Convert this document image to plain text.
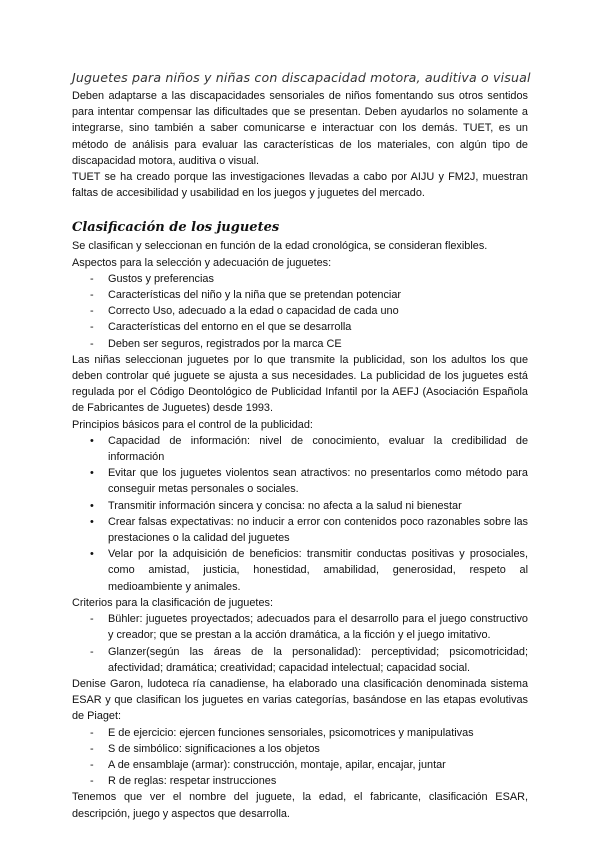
Juguetes para niños y niñas con discapacidad motora, auditiva o visual

Deben adaptarse a las discapacidades sensoriales de niños fomentando sus otros sentidos para intentar compensar las dificultades que se presentan. Deben ayudarlos no solamente a integrarse, sino también a saber comunicarse e interactuar con los demás. TUET, es un método de análisis para evaluar las características de los materiales, con algún tipo de discapacidad motora, auditiva o visual.

TUET se ha creado porque las investigaciones llevadas a cabo por AIJU y FM2J, muestran faltas de accesibilidad y usabilidad en los juegos y juguetes del mercado.

Clasificación de los juguetes

Se clasifican y seleccionan en función de la edad cronológica, se consideran flexibles.

Aspectos para la selección y adecuación de juguetes:

- Gustos y preferencias
- Características del niño y la niña que se pretendan potenciar
- Correcto Uso, adecuado a la edad o capacidad de cada uno
- Características del entorno en el que se desarrolla
- Deben ser seguros, registrados por la marca CE

Las niñas seleccionan juguetes por lo que transmite la publicidad, son los adultos los que deben controlar qué juguete se ajusta a sus necesidades. La publicidad de los juguetes está regulada por el Código Deontológico de Publicidad Infantil por la AEFJ (Asociación Española de Fabricantes de Juguetes) desde 1993.

Principios básicos para el control de la publicidad:

• Capacidad de información: nivel de conocimiento, evaluar la credibilidad de información
• Evitar que los juguetes violentos sean atractivos: no presentarlos como método para conseguir metas personales o sociales.
• Transmitir información sincera y concisa: no afecta a la salud ni bienestar
• Crear falsas expectativas: no inducir a error con contenidos poco razonables sobre las prestaciones o la calidad del juguetes
• Velar por la adquisición de beneficios: transmitir conductas positivas y prosociales, como amistad, justicia, honestidad, amabilidad, generosidad, respeto al medioambiente y animales.

Criterios para la clasificación de juguetes:

- Bühler: juguetes proyectados; adecuados para el desarrollo para el juego constructivo y creador; que se prestan a la acción dramática, a la ficción y el juego imitativo.
- Glanzer(según las áreas de la personalidad): perceptividad; psicomotricidad; afectividad; dramática; creatividad; capacidad intelectual; capacidad social.

Denise Garon, ludoteca ría canadiense, ha elaborado una clasificación denominada sistema ESAR y que clasifican los juguetes en varias categorías, basándose en las etapas evolutivas de Piaget:

- E de ejercicio: ejercen funciones sensoriales, psicomotrices y manipulativas
- S de simbólico: significaciones a los objetos
- A de ensamblaje (armar): construcción, montaje, apilar, encajar, juntar
- R de reglas: respetar instrucciones

Tenemos que ver el nombre del juguete, la edad, el fabricante, clasificación ESAR, descripción, juego y aspectos que desarrolla.
